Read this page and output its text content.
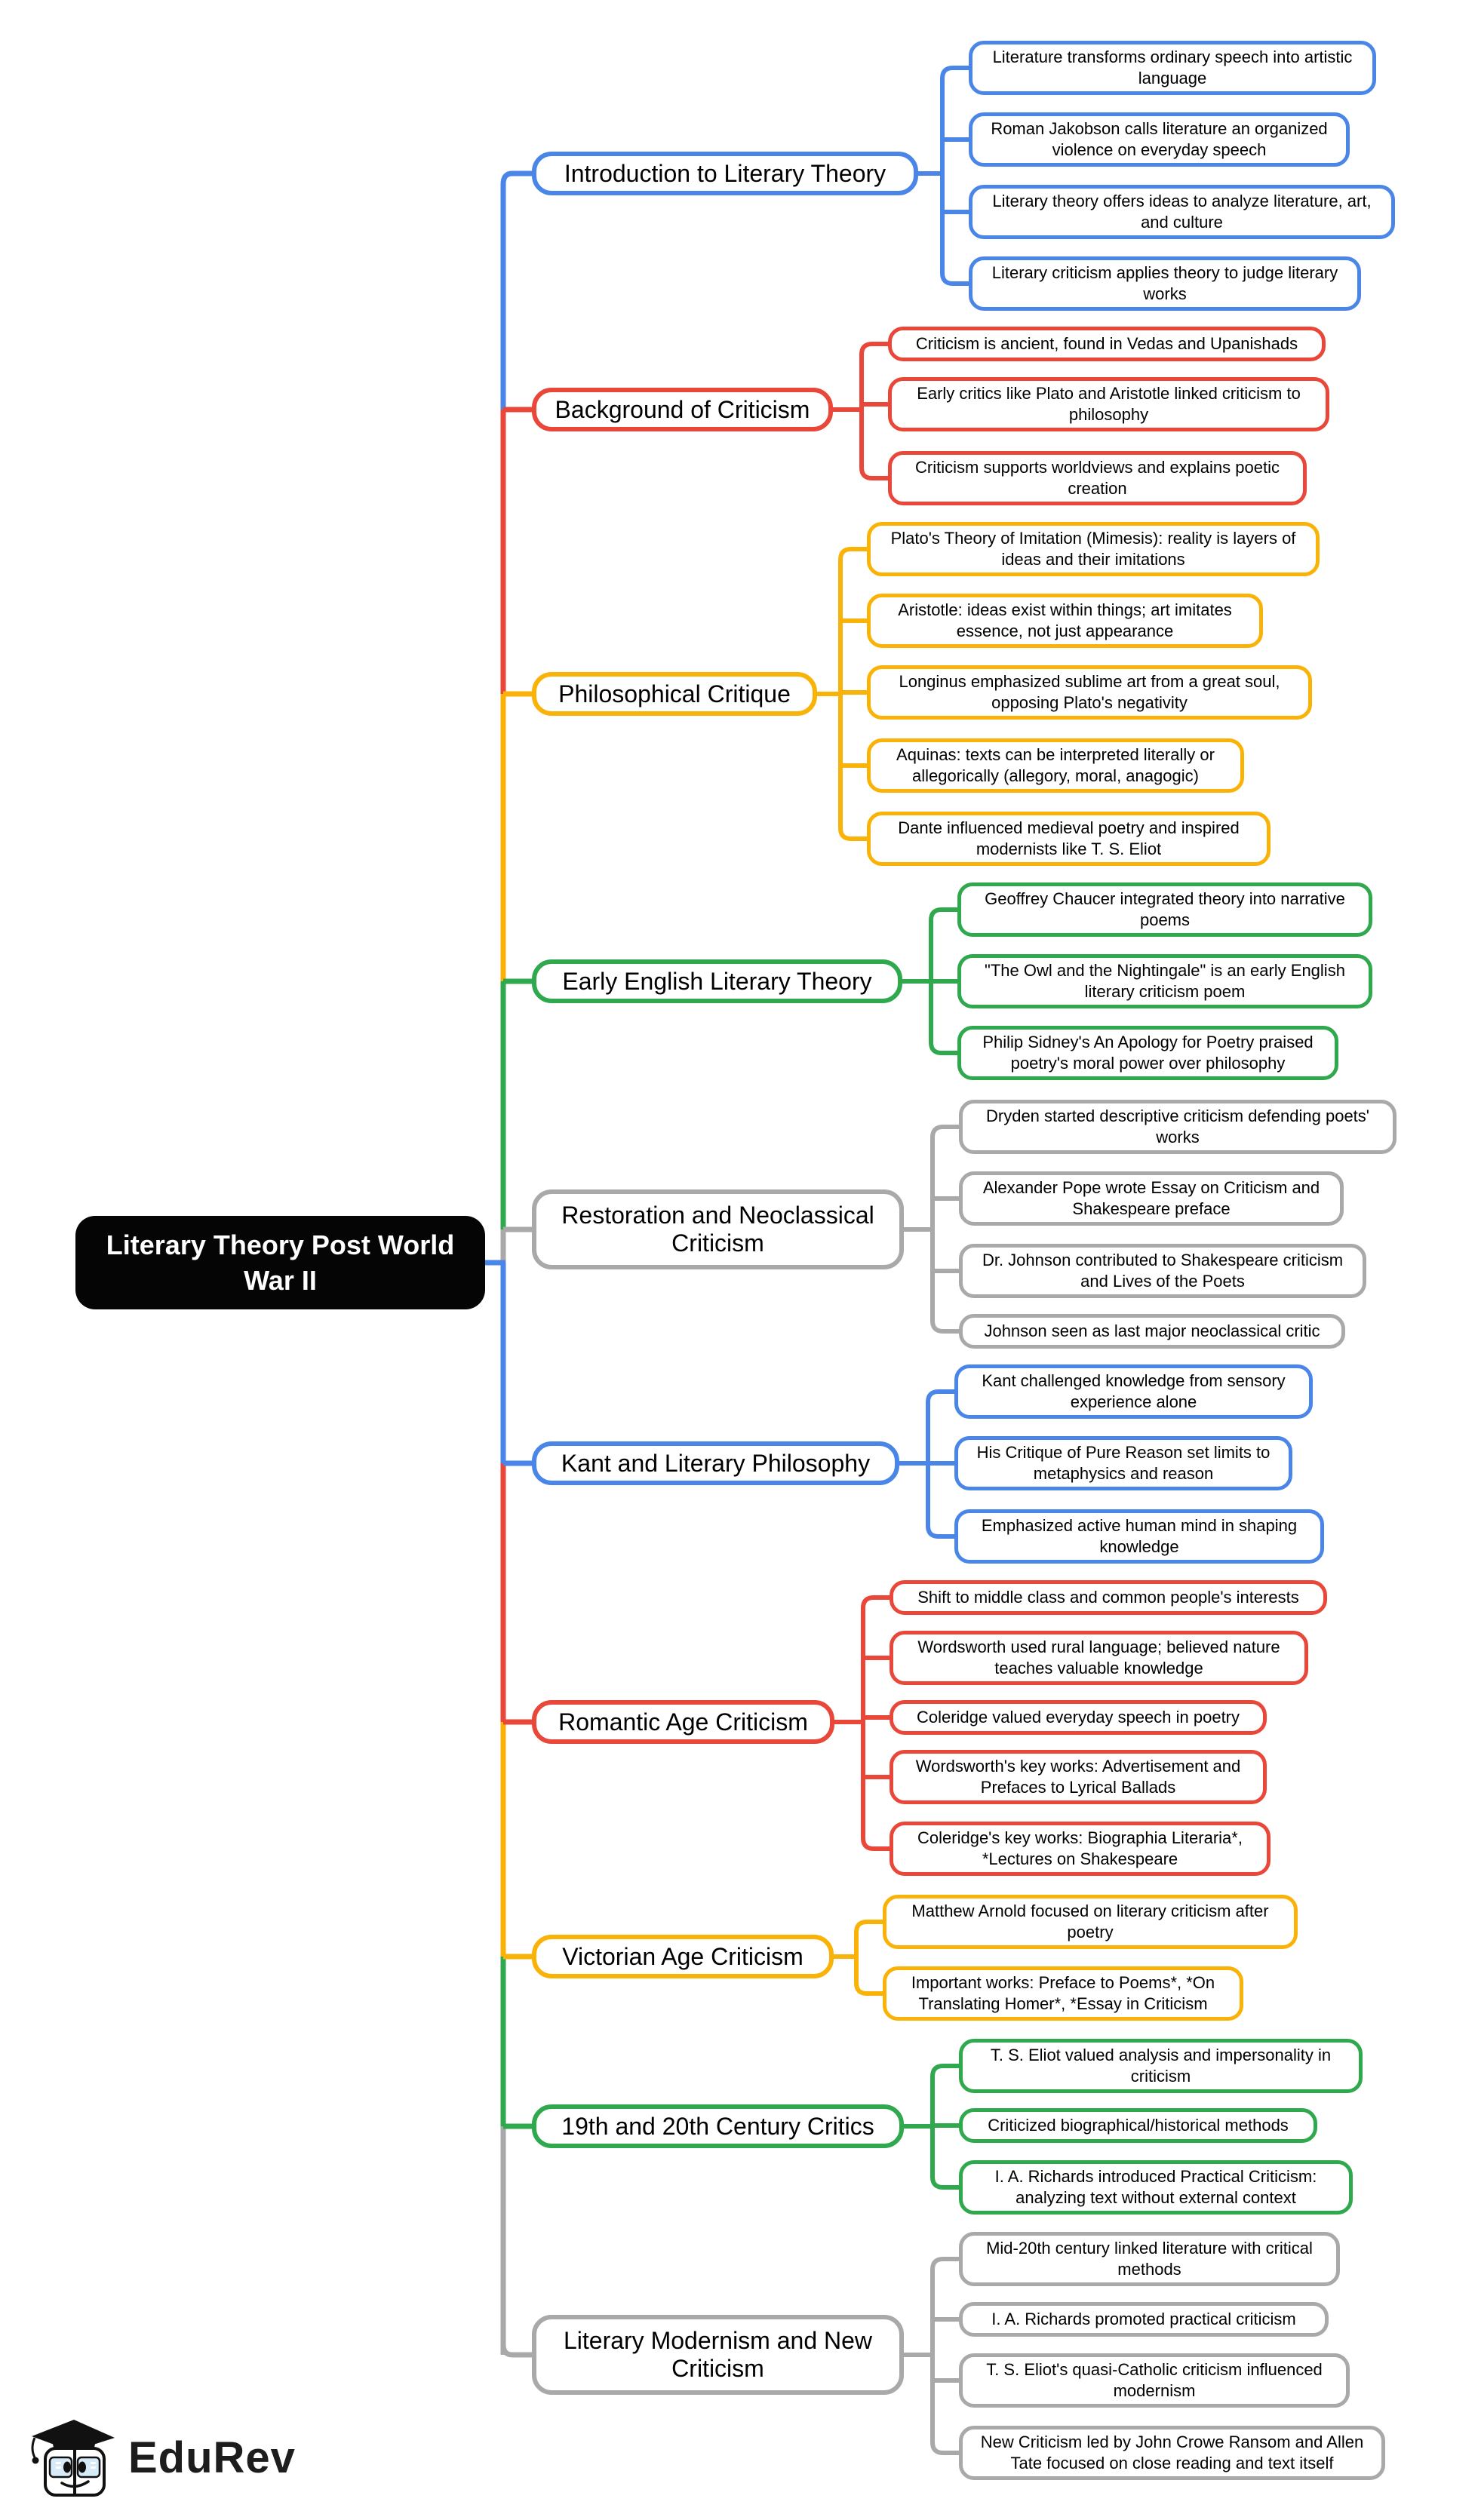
Literary Theory Post World War II
Introduction to Literary Theory
Literature transforms ordinary speech into artistic language
Roman Jakobson calls literature an organized violence on everyday speech
Literary theory offers ideas to analyze literature, art, and culture
Literary criticism applies theory to judge literary works
Background of Criticism
Criticism is ancient, found in Vedas and Upanishads
Early critics like Plato and Aristotle linked criticism to philosophy
Criticism supports worldviews and explains poetic creation
Philosophical Critique
Plato's Theory of Imitation (Mimesis): reality is layers of ideas and their imitations
Aristotle: ideas exist within things; art imitates essence, not just appearance
Longinus emphasized sublime art from a great soul, opposing Plato's negativity
Aquinas: texts can be interpreted literally or allegorically (allegory, moral, anagogic)
Dante influenced medieval poetry and inspired modernists like T. S. Eliot
Early English Literary Theory
Geoffrey Chaucer integrated theory into narrative poems
"The Owl and the Nightingale" is an early English literary criticism poem
Philip Sidney's An Apology for Poetry praised poetry's moral power over philosophy
Restoration and Neoclassical Criticism
Dryden started descriptive criticism defending poets' works
Alexander Pope wrote Essay on Criticism and Shakespeare preface
Dr. Johnson contributed to Shakespeare criticism and Lives of the Poets
Johnson seen as last major neoclassical critic
Kant and Literary Philosophy
Kant challenged knowledge from sensory experience alone
His Critique of Pure Reason set limits to metaphysics and reason
Emphasized active human mind in shaping knowledge
Romantic Age Criticism
Shift to middle class and common people's interests
Wordsworth used rural language; believed nature teaches valuable knowledge
Coleridge valued everyday speech in poetry
Wordsworth's key works: Advertisement and Prefaces to Lyrical Ballads
Coleridge's key works: Biographia Literaria*, *Lectures on Shakespeare
Victorian Age Criticism
Matthew Arnold focused on literary criticism after poetry
Important works: Preface to Poems*, *On Translating Homer*, *Essay in Criticism
19th and 20th Century Critics
T. S. Eliot valued analysis and impersonality in criticism
Criticized biographical/historical methods
I. A. Richards introduced Practical Criticism: analyzing text without external context
Literary Modernism and New Criticism
Mid-20th century linked literature with critical methods
I. A. Richards promoted practical criticism
T. S. Eliot's quasi-Catholic criticism influenced modernism
New Criticism led by John Crowe Ransom and Allen Tate focused on close reading and text itself
EduRev
